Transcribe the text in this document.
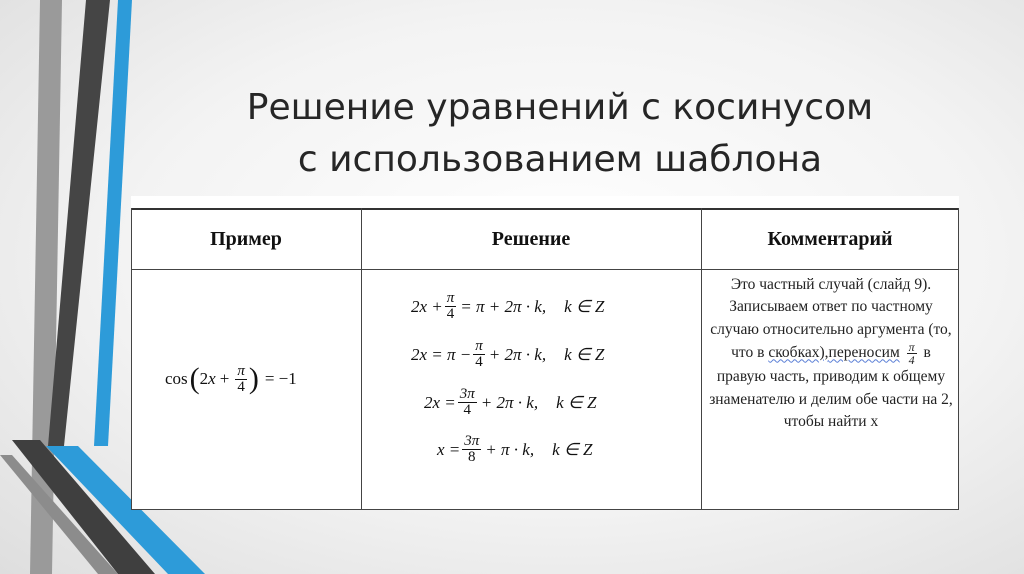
Решение уравнений с косинусом
с использованием шаблона
Пример	Решение	Комментарий
cos ( 2 $x + \frac{\pi}{4}$ ) = −1
$2x + \frac{\pi}{4} = \pi + 2\pi \cdot k$, k ∈ Z
$2x = \pi - \frac{\pi}{4} + 2\pi \cdot k$, k ∈ Z
$2x = \frac{3\pi}{4} + 2\pi \cdot k$, k ∈ Z
$x = \frac{3\pi}{8} + \pi \cdot k$, k ∈ Z
Это частный случай (слайд 9). Записываем ответ по частному случаю относительно аргумента (то, что в скобках),переносим $\frac{\pi}{4}$ в правую часть, приводим к общему знаменателю и делим обе части на 2, чтобы найти х
